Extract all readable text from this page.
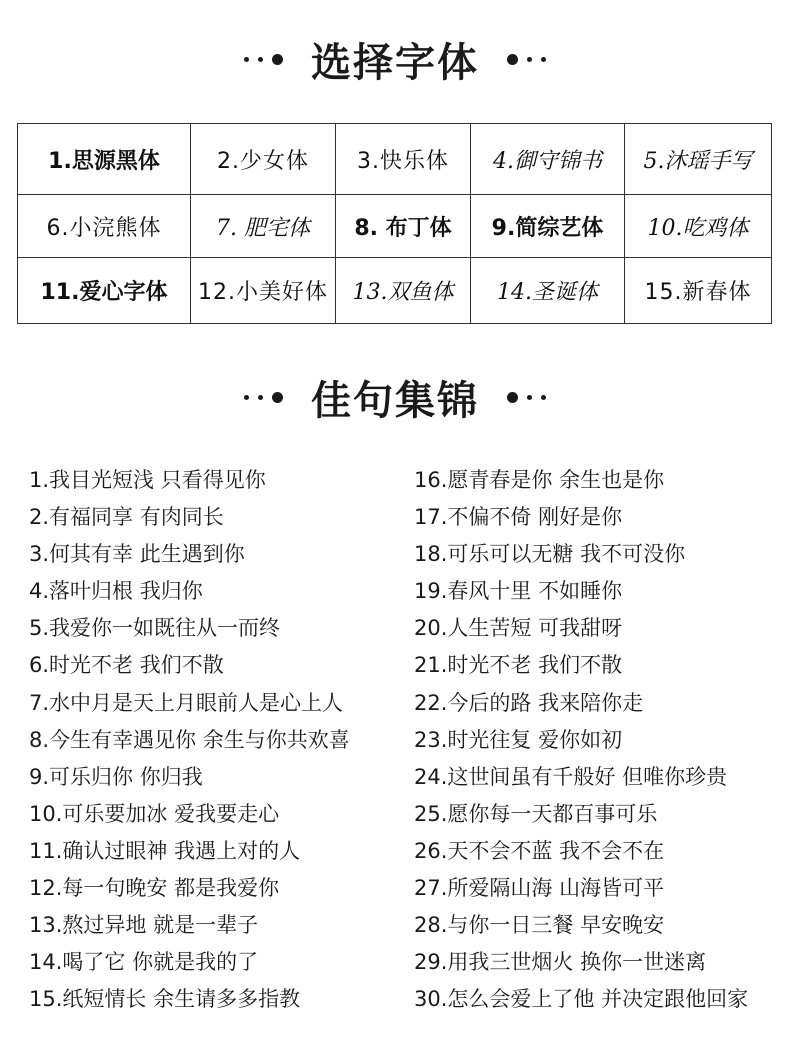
选择字体
1.思源黑体	2.少女体	3.快乐体	4.御守锦书	5.沐瑶手写
6.小浣熊体	7. 肥宅体	8. 布丁体	9.简综艺体	10.吃鸡体
11.爱心字体	12.小美好体	13.双鱼体	14.圣诞体	15.新春体
佳句集锦
1.我目光短浅 只看得见你
2.有福同享 有肉同长
3.何其有幸 此生遇到你
4.落叶归根 我归你
5.我爱你一如既往从一而终
6.时光不老 我们不散
7.水中月是天上月眼前人是心上人
8.今生有幸遇见你 余生与你共欢喜
9.可乐归你 你归我
10.可乐要加冰 爱我要走心
11.确认过眼神 我遇上对的人
12.每一句晚安 都是我爱你
13.熬过异地 就是一辈子
14.喝了它 你就是我的了
15.纸短情长 余生请多多指教
16.愿青春是你 余生也是你
17.不偏不倚 刚好是你
18.可乐可以无糖 我不可没你
19.春风十里 不如睡你
20.人生苦短 可我甜呀
21.时光不老 我们不散
22.今后的路 我来陪你走
23.时光往复 爱你如初
24.这世间虽有千般好 但唯你珍贵
25.愿你每一天都百事可乐
26.天不会不蓝 我不会不在
27.所爱隔山海 山海皆可平
28.与你一日三餐 早安晚安
29.用我三世烟火 换你一世迷离
30.怎么会爱上了他 并决定跟他回家
